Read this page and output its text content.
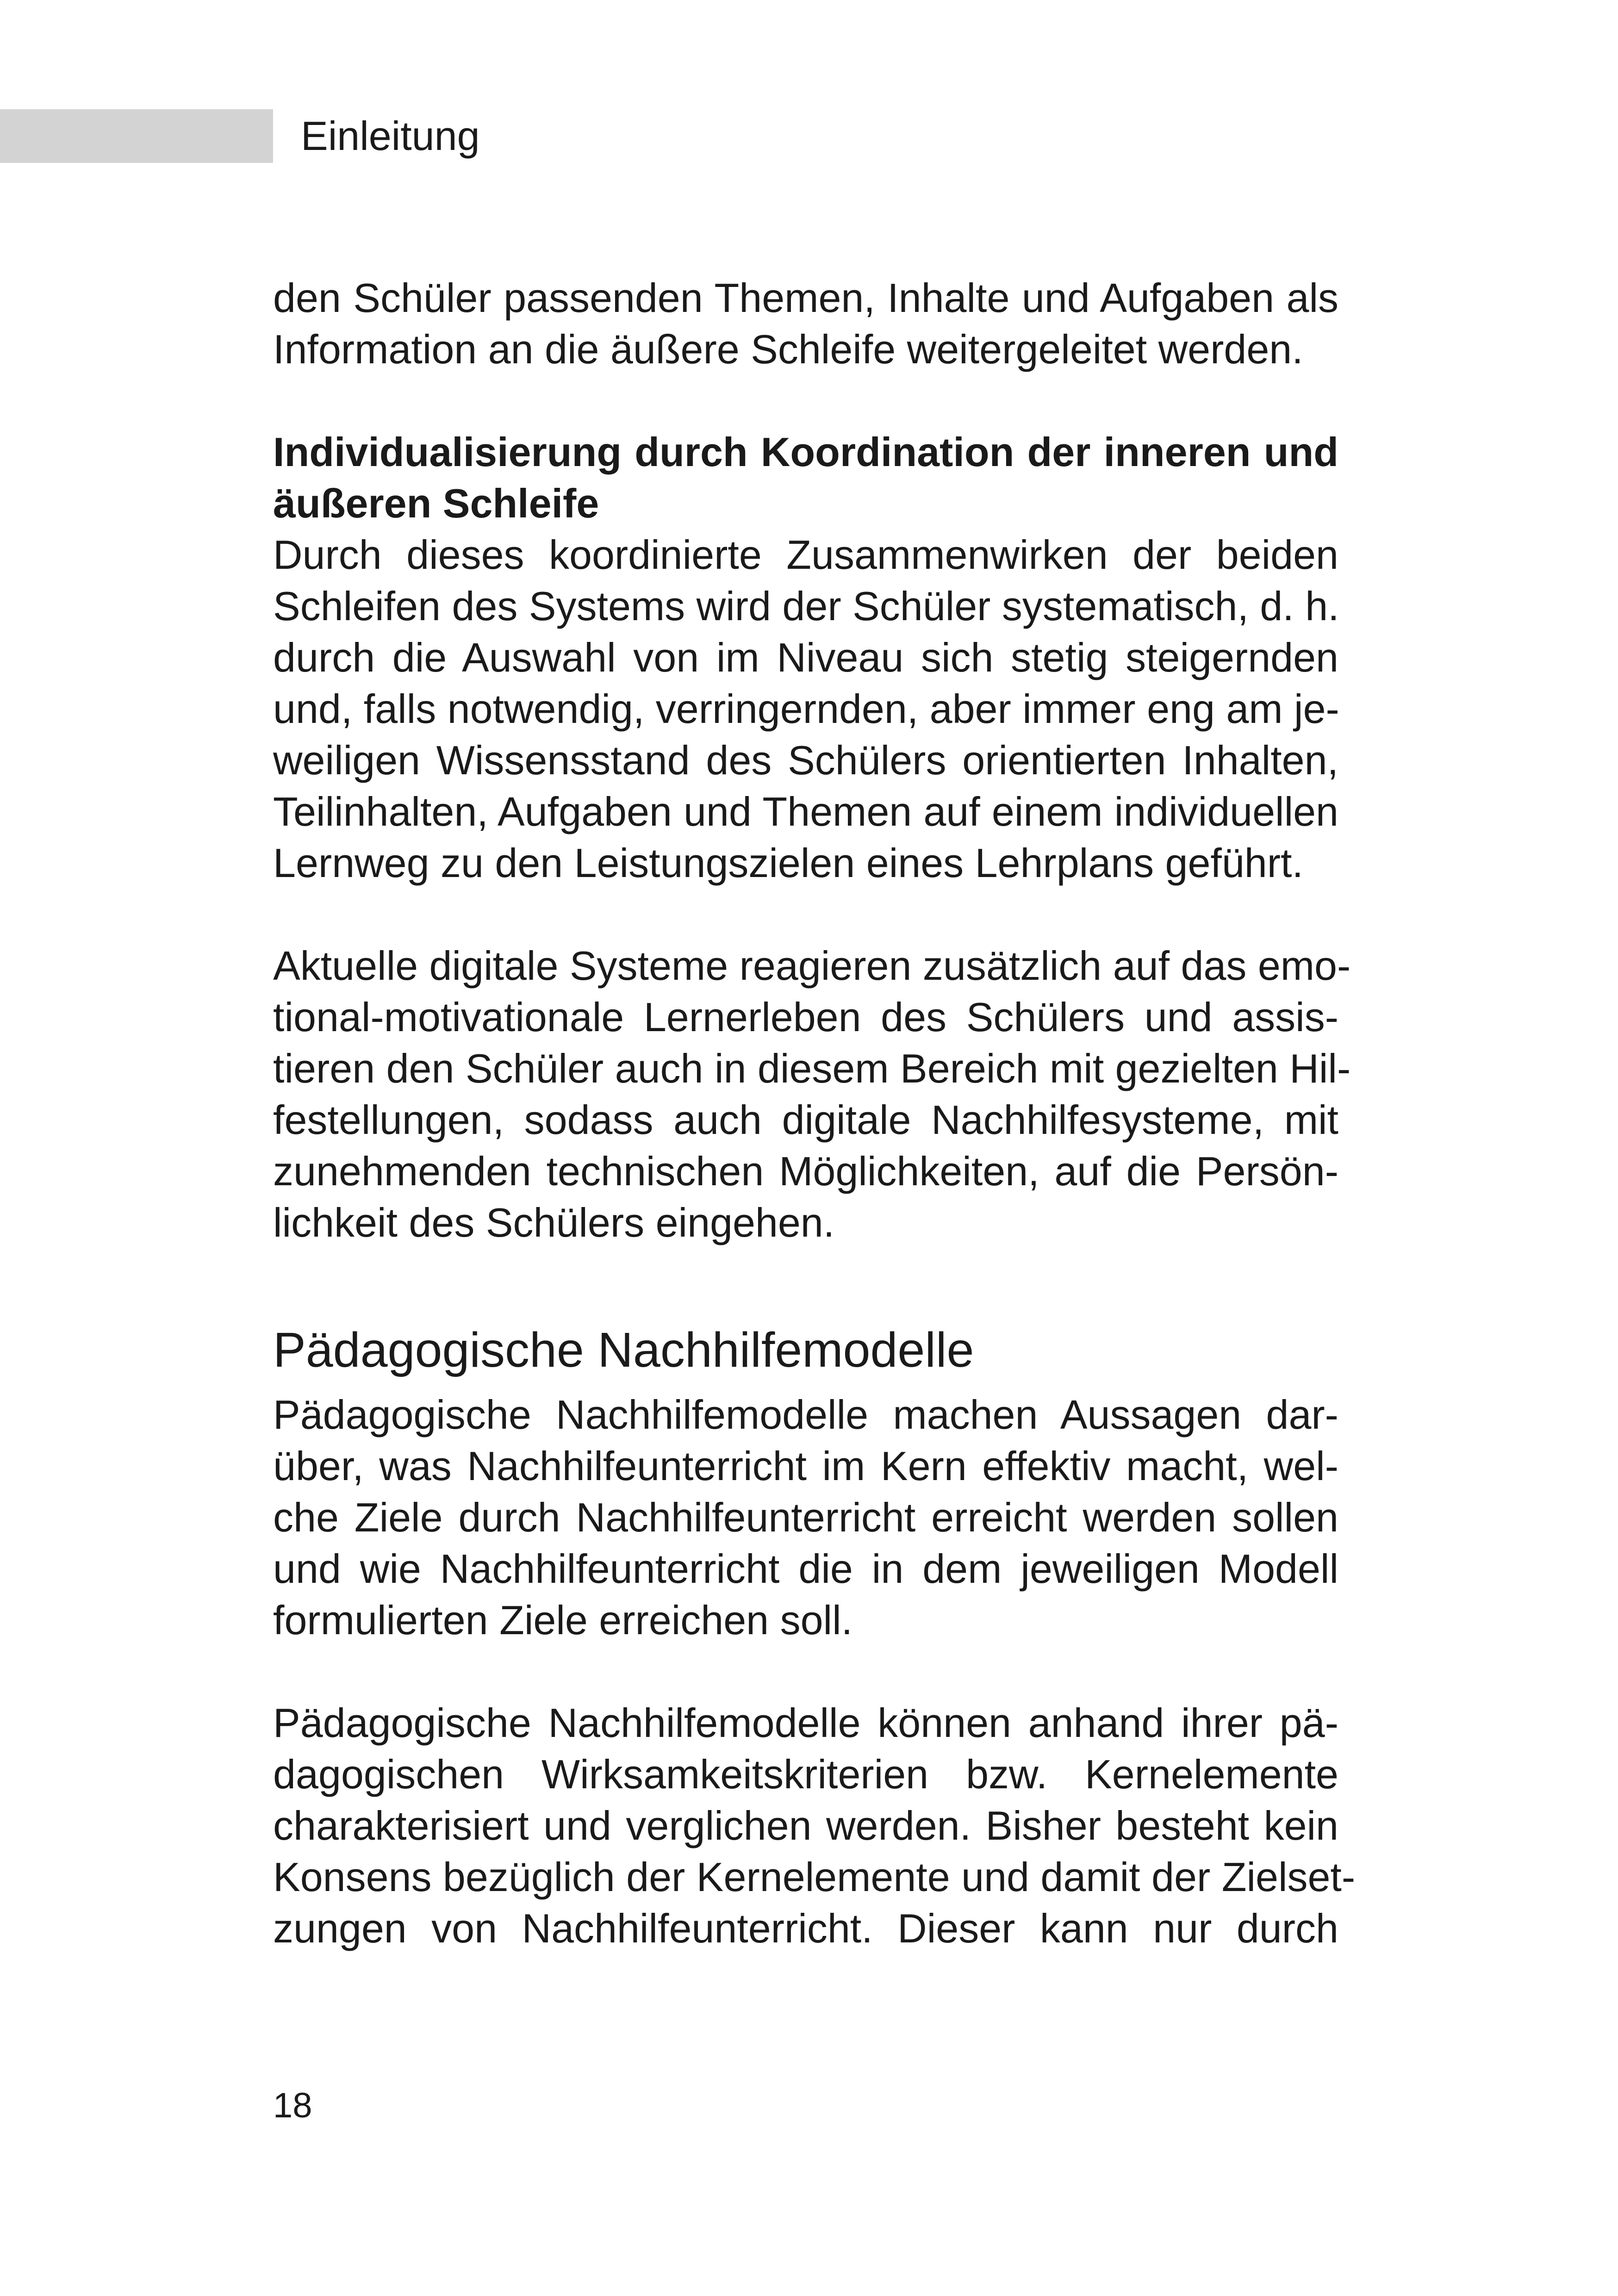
Einleitung

den Schüler passenden Themen, Inhalte und Aufgaben als
Information an die äußere Schleife weitergeleitet werden.

Individualisierung durch Koordination der inneren und
äußeren Schleife

Durch dieses koordinierte Zusammenwirken der beiden
Schleifen des Systems wird der Schüler systematisch, d. h.
durch die Auswahl von im Niveau sich stetig steigernden
und, falls notwendig, verringernden, aber immer eng am je-
weiligen Wissensstand des Schülers orientierten Inhalten,
Teilinhalten, Aufgaben und Themen auf einem individuellen
Lernweg zu den Leistungszielen eines Lehrplans geführt.

Aktuelle digitale Systeme reagieren zusätzlich auf das emo-
tional-motivationale Lernerleben des Schülers und assis-
tieren den Schüler auch in diesem Bereich mit gezielten Hil-
festellungen, sodass auch digitale Nachhilfesysteme, mit
zunehmenden technischen Möglichkeiten, auf die Persön-
lichkeit des Schülers eingehen.

Pädagogische Nachhilfemodelle

Pädagogische Nachhilfemodelle machen Aussagen dar-
über, was Nachhilfeunterricht im Kern effektiv macht, wel-
che Ziele durch Nachhilfeunterricht erreicht werden sollen
und wie Nachhilfeunterricht die in dem jeweiligen Modell
formulierten Ziele erreichen soll.

Pädagogische Nachhilfemodelle können anhand ihrer pä-
dagogischen Wirksamkeitskriterien bzw. Kernelemente
charakterisiert und verglichen werden. Bisher besteht kein
Konsens bezüglich der Kernelemente und damit der Zielset-
zungen von Nachhilfeunterricht. Dieser kann nur durch

18
